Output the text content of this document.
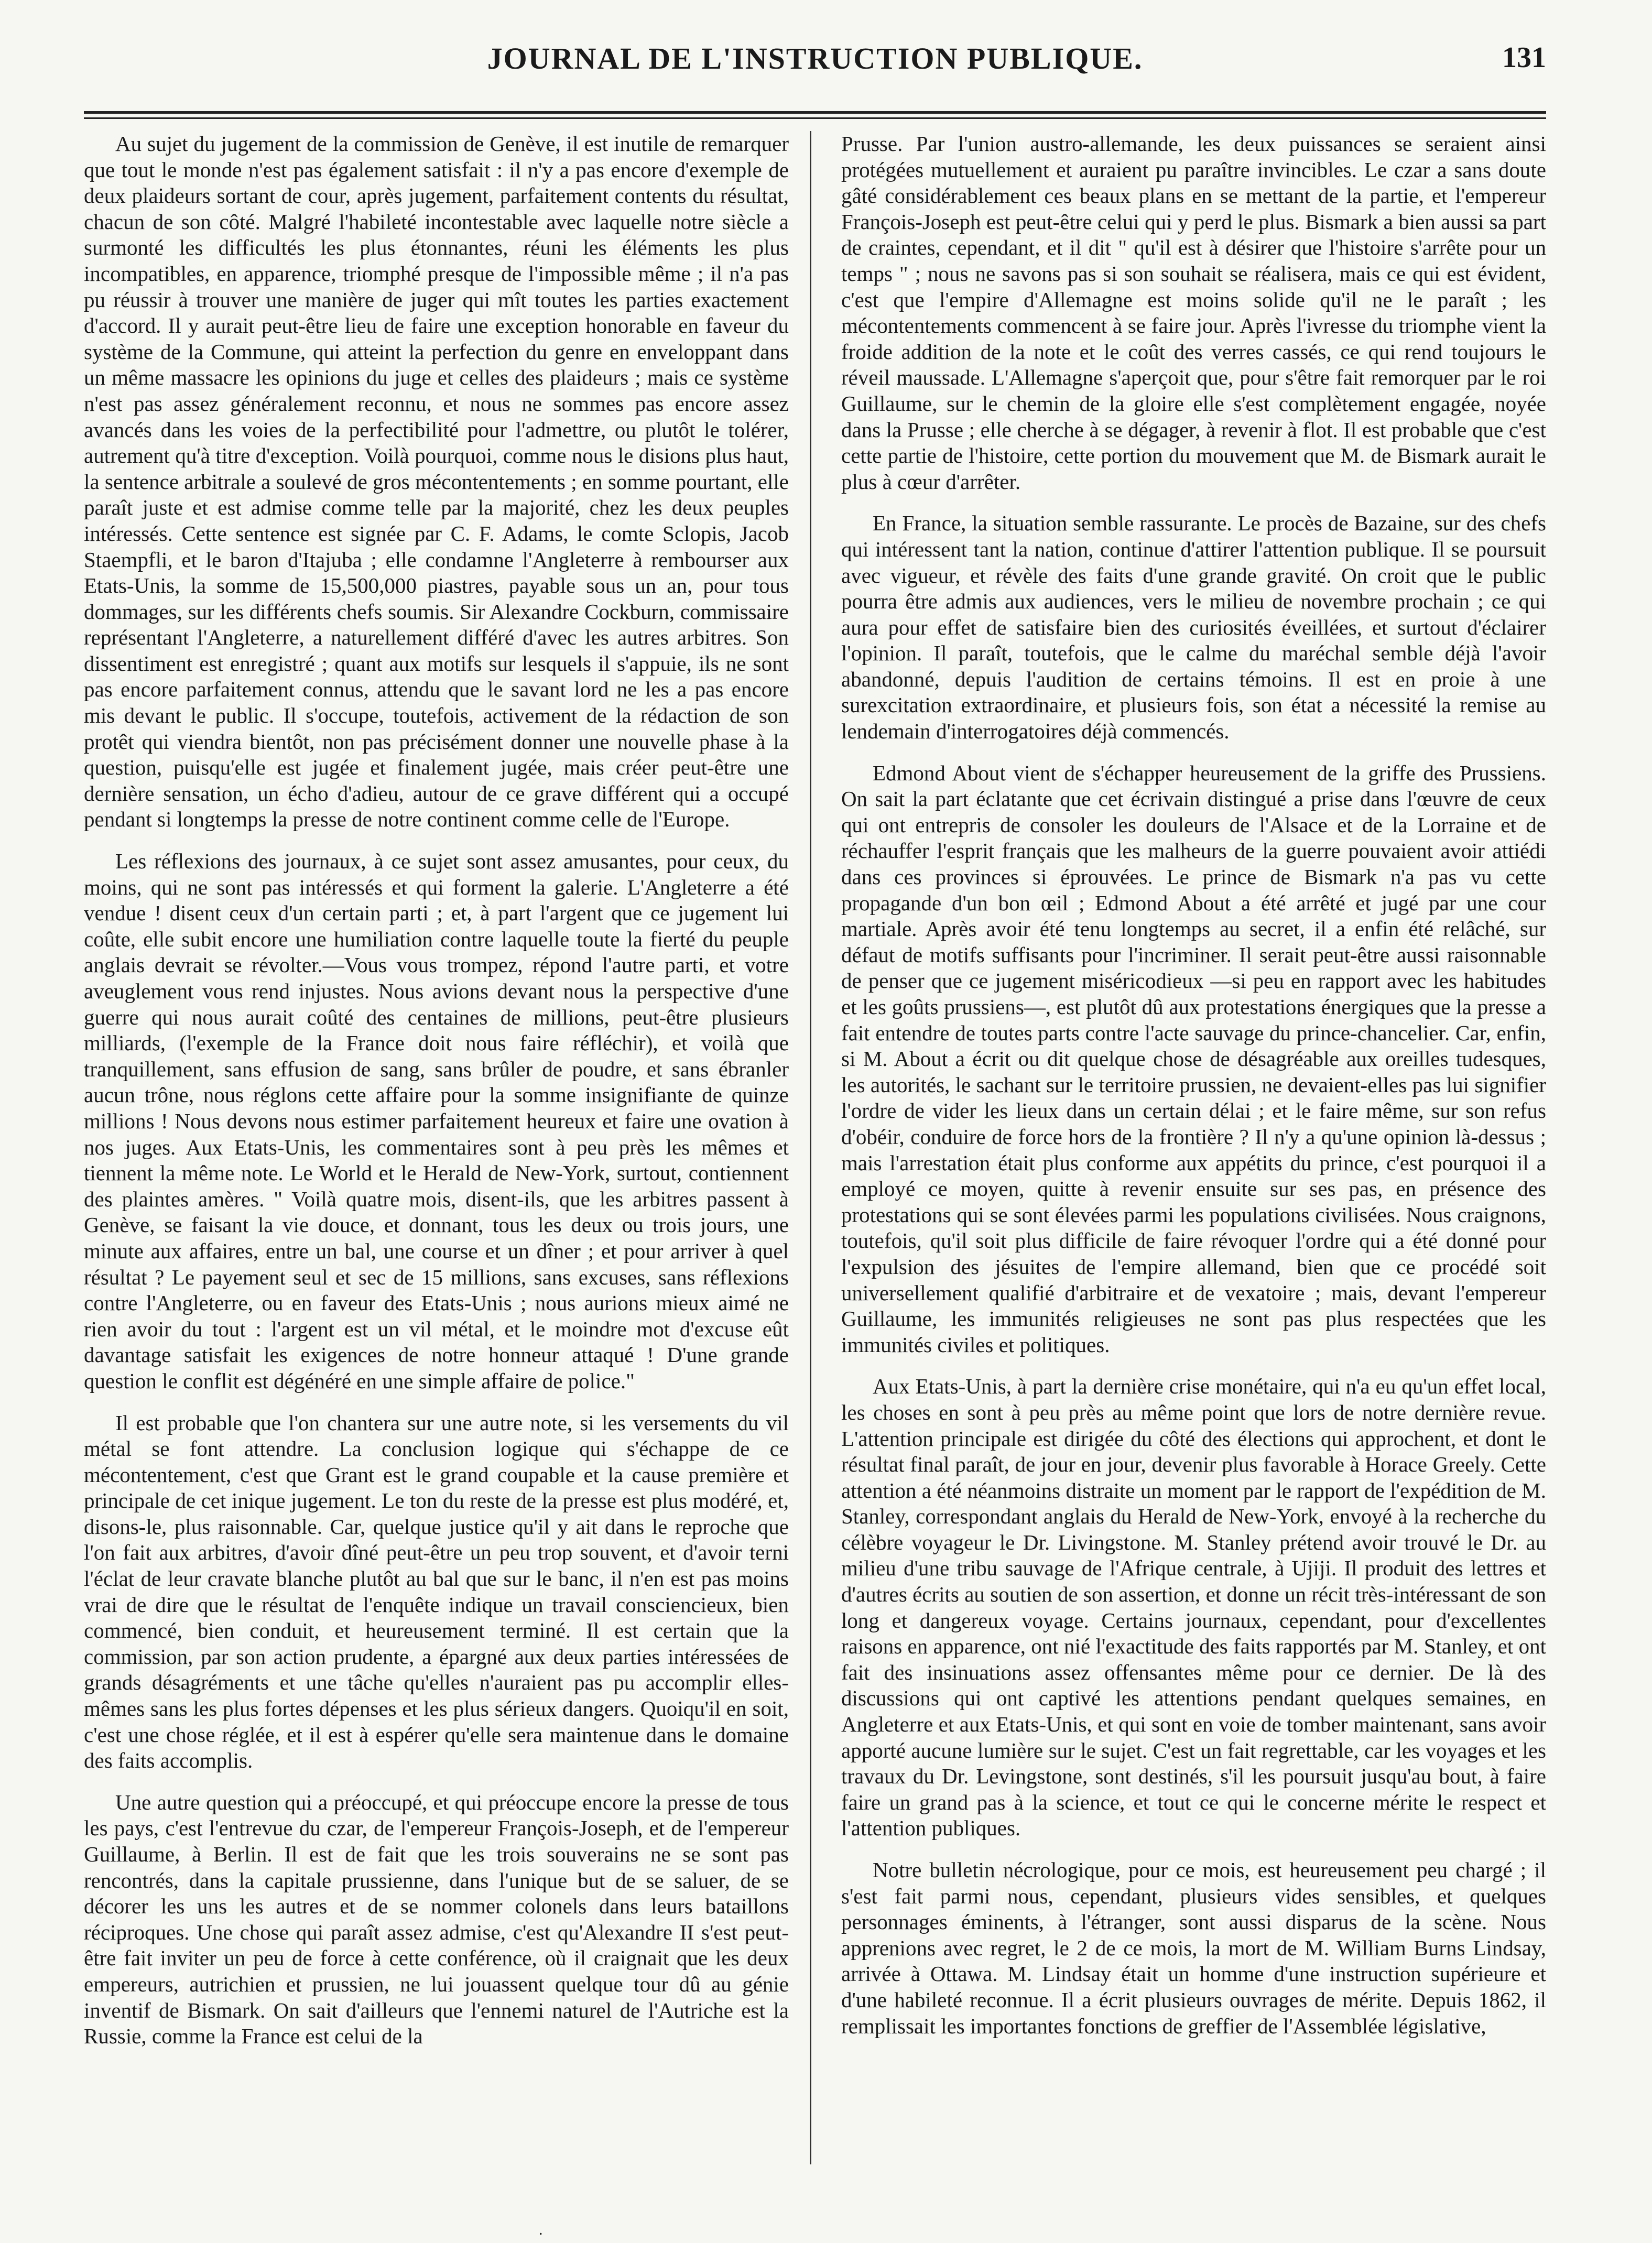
JOURNAL DE L'INSTRUCTION PUBLIQUE.	131

Au sujet du jugement de la commission de Genève, il est inutile de remarquer que tout le monde n'est pas également satisfait : il n'y a pas encore d'exemple de deux plaideurs sortant de cour, après jugement, parfaitement contents du résultat, chacun de son côté. Malgré l'habileté incontestable avec laquelle notre siècle a surmonté les difficultés les plus étonnantes, réuni les éléments les plus incompatibles, en apparence, triomphé presque de l'impossible même ; il n'a pas pu réussir à trouver une manière de juger qui mît toutes les parties exactement d'accord. Il y aurait peut-être lieu de faire une exception honorable en faveur du système de la Commune, qui atteint la perfection du genre en enveloppant dans un même massacre les opinions du juge et celles des plaideurs ; mais ce système n'est pas assez généralement reconnu, et nous ne sommes pas encore assez avancés dans les voies de la perfectibilité pour l'admettre, ou plutôt le tolérer, autrement qu'à titre d'exception. Voilà pourquoi, comme nous le disions plus haut, la sentence arbitrale a soulevé de gros mécontentements ; en somme pourtant, elle paraît juste et est admise comme telle par la majorité, chez les deux peuples intéressés. Cette sentence est signée par C. F. Adams, le comte Sclopis, Jacob Staempfli, et le baron d'Itajuba ; elle condamne l'Angleterre à rembourser aux Etats-Unis, la somme de 15,500,000 piastres, payable sous un an, pour tous dommages, sur les différents chefs soumis. Sir Alexandre Cockburn, commissaire représentant l'Angleterre, a naturellement différé d'avec les autres arbitres. Son dissentiment est enregistré ; quant aux motifs sur lesquels il s'appuie, ils ne sont pas encore parfaitement connus, attendu que le savant lord ne les a pas encore mis devant le public. Il s'occupe, toutefois, activement de la rédaction de son protêt qui viendra bientôt, non pas précisément donner une nouvelle phase à la question, puisqu'elle est jugée et finalement jugée, mais créer peut-être une dernière sensation, un écho d'adieu, autour de ce grave différent qui a occupé pendant si longtemps la presse de notre continent comme celle de l'Europe.

Les réflexions des journaux, à ce sujet sont assez amusantes, pour ceux, du moins, qui ne sont pas intéressés et qui forment la galerie. L'Angleterre a été vendue ! disent ceux d'un certain parti ; et, à part l'argent que ce jugement lui coûte, elle subit encore une humiliation contre laquelle toute la fierté du peuple anglais devrait se révolter.—Vous vous trompez, répond l'autre parti, et votre aveuglement vous rend injustes. Nous avions devant nous la perspective d'une guerre qui nous aurait coûté des centaines de millions, peut-être plusieurs milliards, (l'exemple de la France doit nous faire réfléchir), et voilà que tranquillement, sans effusion de sang, sans brûler de poudre, et sans ébranler aucun trône, nous réglons cette affaire pour la somme insignifiante de quinze millions ! Nous devons nous estimer parfaitement heureux et faire une ovation à nos juges. Aux Etats-Unis, les commentaires sont à peu près les mêmes et tiennent la même note. Le World et le Herald de New-York, surtout, contiennent des plaintes amères. " Voilà quatre mois, disent-ils, que les arbitres passent à Genève, se faisant la vie douce, et donnant, tous les deux ou trois jours, une minute aux affaires, entre un bal, une course et un dîner ; et pour arriver à quel résultat ? Le payement seul et sec de 15 millions, sans excuses, sans réflexions contre l'Angleterre, ou en faveur des Etats-Unis ; nous aurions mieux aimé ne rien avoir du tout : l'argent est un vil métal, et le moindre mot d'excuse eût davantage satisfait les exigences de notre honneur attaqué ! D'une grande question le conflit est dégénéré en une simple affaire de police."

Il est probable que l'on chantera sur une autre note, si les versements du vil métal se font attendre. La conclusion logique qui s'échappe de ce mécontentement, c'est que Grant est le grand coupable et la cause première et principale de cet inique jugement. Le ton du reste de la presse est plus modéré, et, disons-le, plus raisonnable. Car, quelque justice qu'il y ait dans le reproche que l'on fait aux arbitres, d'avoir dîné peut-être un peu trop souvent, et d'avoir terni l'éclat de leur cravate blanche plutôt au bal que sur le banc, il n'en est pas moins vrai de dire que le résultat de l'enquête indique un travail consciencieux, bien commencé, bien conduit, et heureusement terminé. Il est certain que la commission, par son action prudente, a épargné aux deux parties intéressées de grands désagréments et une tâche qu'elles n'auraient pas pu accomplir elles-mêmes sans les plus fortes dépenses et les plus sérieux dangers. Quoiqu'il en soit, c'est une chose réglée, et il est à espérer qu'elle sera maintenue dans le domaine des faits accomplis.

Une autre question qui a préoccupé, et qui préoccupe encore la presse de tous les pays, c'est l'entrevue du czar, de l'empereur François-Joseph, et de l'empereur Guillaume, à Berlin. Il est de fait que les trois souverains ne se sont pas rencontrés, dans la capitale prussienne, dans l'unique but de se saluer, de se décorer les uns les autres et de se nommer colonels dans leurs bataillons réciproques. Une chose qui paraît assez admise, c'est qu'Alexandre II s'est peut-être fait inviter un peu de force à cette conférence, où il craignait que les deux empereurs, autrichien et prussien, ne lui jouassent quelque tour dû au génie inventif de Bismark. On sait d'ailleurs que l'ennemi naturel de l'Autriche est la Russie, comme la France est celui de la

Prusse. Par l'union austro-allemande, les deux puissances se seraient ainsi protégées mutuellement et auraient pu paraître invincibles. Le czar a sans doute gâté considérablement ces beaux plans en se mettant de la partie, et l'empereur François-Joseph est peut-être celui qui y perd le plus. Bismark a bien aussi sa part de craintes, cependant, et il dit " qu'il est à désirer que l'histoire s'arrête pour un temps " ; nous ne savons pas si son souhait se réalisera, mais ce qui est évident, c'est que l'empire d'Allemagne est moins solide qu'il ne le paraît ; les mécontentements commencent à se faire jour. Après l'ivresse du triomphe vient la froide addition de la note et le coût des verres cassés, ce qui rend toujours le réveil maussade. L'Allemagne s'aperçoit que, pour s'être fait remorquer par le roi Guillaume, sur le chemin de la gloire elle s'est complètement engagée, noyée dans la Prusse ; elle cherche à se dégager, à revenir à flot. Il est probable que c'est cette partie de l'histoire, cette portion du mouvement que M. de Bismark aurait le plus à cœur d'arrêter.

En France, la situation semble rassurante. Le procès de Bazaine, sur des chefs qui intéressent tant la nation, continue d'attirer l'attention publique. Il se poursuit avec vigueur, et révèle des faits d'une grande gravité. On croit que le public pourra être admis aux audiences, vers le milieu de novembre prochain ; ce qui aura pour effet de satisfaire bien des curiosités éveillées, et surtout d'éclairer l'opinion. Il paraît, toutefois, que le calme du maréchal semble déjà l'avoir abandonné, depuis l'audition de certains témoins. Il est en proie à une surexcitation extraordinaire, et plusieurs fois, son état a nécessité la remise au lendemain d'interrogatoires déjà commencés.

Edmond About vient de s'échapper heureusement de la griffe des Prussiens. On sait la part éclatante que cet écrivain distingué a prise dans l'œuvre de ceux qui ont entrepris de consoler les douleurs de l'Alsace et de la Lorraine et de réchauffer l'esprit français que les malheurs de la guerre pouvaient avoir attiédi dans ces provinces si éprouvées. Le prince de Bismark n'a pas vu cette propagande d'un bon œil ; Edmond About a été arrêté et jugé par une cour martiale. Après avoir été tenu longtemps au secret, il a enfin été relâché, sur défaut de motifs suffisants pour l'incriminer. Il serait peut-être aussi raisonnable de penser que ce jugement miséricodieux —si peu en rapport avec les habitudes et les goûts prussiens—, est plutôt dû aux protestations énergiques que la presse a fait entendre de toutes parts contre l'acte sauvage du prince-chancelier. Car, enfin, si M. About a écrit ou dit quelque chose de désagréable aux oreilles tudesques, les autorités, le sachant sur le territoire prussien, ne devaient-elles pas lui signifier l'ordre de vider les lieux dans un certain délai ; et le faire même, sur son refus d'obéir, conduire de force hors de la frontière ? Il n'y a qu'une opinion là-dessus ; mais l'arrestation était plus conforme aux appétits du prince, c'est pourquoi il a employé ce moyen, quitte à revenir ensuite sur ses pas, en présence des protestations qui se sont élevées parmi les populations civilisées. Nous craignons, toutefois, qu'il soit plus difficile de faire révoquer l'ordre qui a été donné pour l'expulsion des jésuites de l'empire allemand, bien que ce procédé soit universellement qualifié d'arbitraire et de vexatoire ; mais, devant l'empereur Guillaume, les immunités religieuses ne sont pas plus respectées que les immunités civiles et politiques.

Aux Etats-Unis, à part la dernière crise monétaire, qui n'a eu qu'un effet local, les choses en sont à peu près au même point que lors de notre dernière revue. L'attention principale est dirigée du côté des élections qui approchent, et dont le résultat final paraît, de jour en jour, devenir plus favorable à Horace Greely. Cette attention a été néanmoins distraite un moment par le rapport de l'expédition de M. Stanley, correspondant anglais du Herald de New-York, envoyé à la recherche du célèbre voyageur le Dr. Livingstone. M. Stanley prétend avoir trouvé le Dr. au milieu d'une tribu sauvage de l'Afrique centrale, à Ujiji. Il produit des lettres et d'autres écrits au soutien de son assertion, et donne un récit très-intéressant de son long et dangereux voyage. Certains journaux, cependant, pour d'excellentes raisons en apparence, ont nié l'exactitude des faits rapportés par M. Stanley, et ont fait des insinuations assez offensantes même pour ce dernier. De là des discussions qui ont captivé les attentions pendant quelques semaines, en Angleterre et aux Etats-Unis, et qui sont en voie de tomber maintenant, sans avoir apporté aucune lumière sur le sujet. C'est un fait regrettable, car les voyages et les travaux du Dr. Levingstone, sont destinés, s'il les poursuit jusqu'au bout, à faire faire un grand pas à la science, et tout ce qui le concerne mérite le respect et l'attention publiques.

Notre bulletin nécrologique, pour ce mois, est heureusement peu chargé ; il s'est fait parmi nous, cependant, plusieurs vides sensibles, et quelques personnages éminents, à l'étranger, sont aussi disparus de la scène. Nous apprenions avec regret, le 2 de ce mois, la mort de M. William Burns Lindsay, arrivée à Ottawa. M. Lindsay était un homme d'une instruction supérieure et d'une habileté reconnue. Il a écrit plusieurs ouvrages de mérite. Depuis 1862, il remplissait les importantes fonctions de greffier de l'Assemblée législative,

.
